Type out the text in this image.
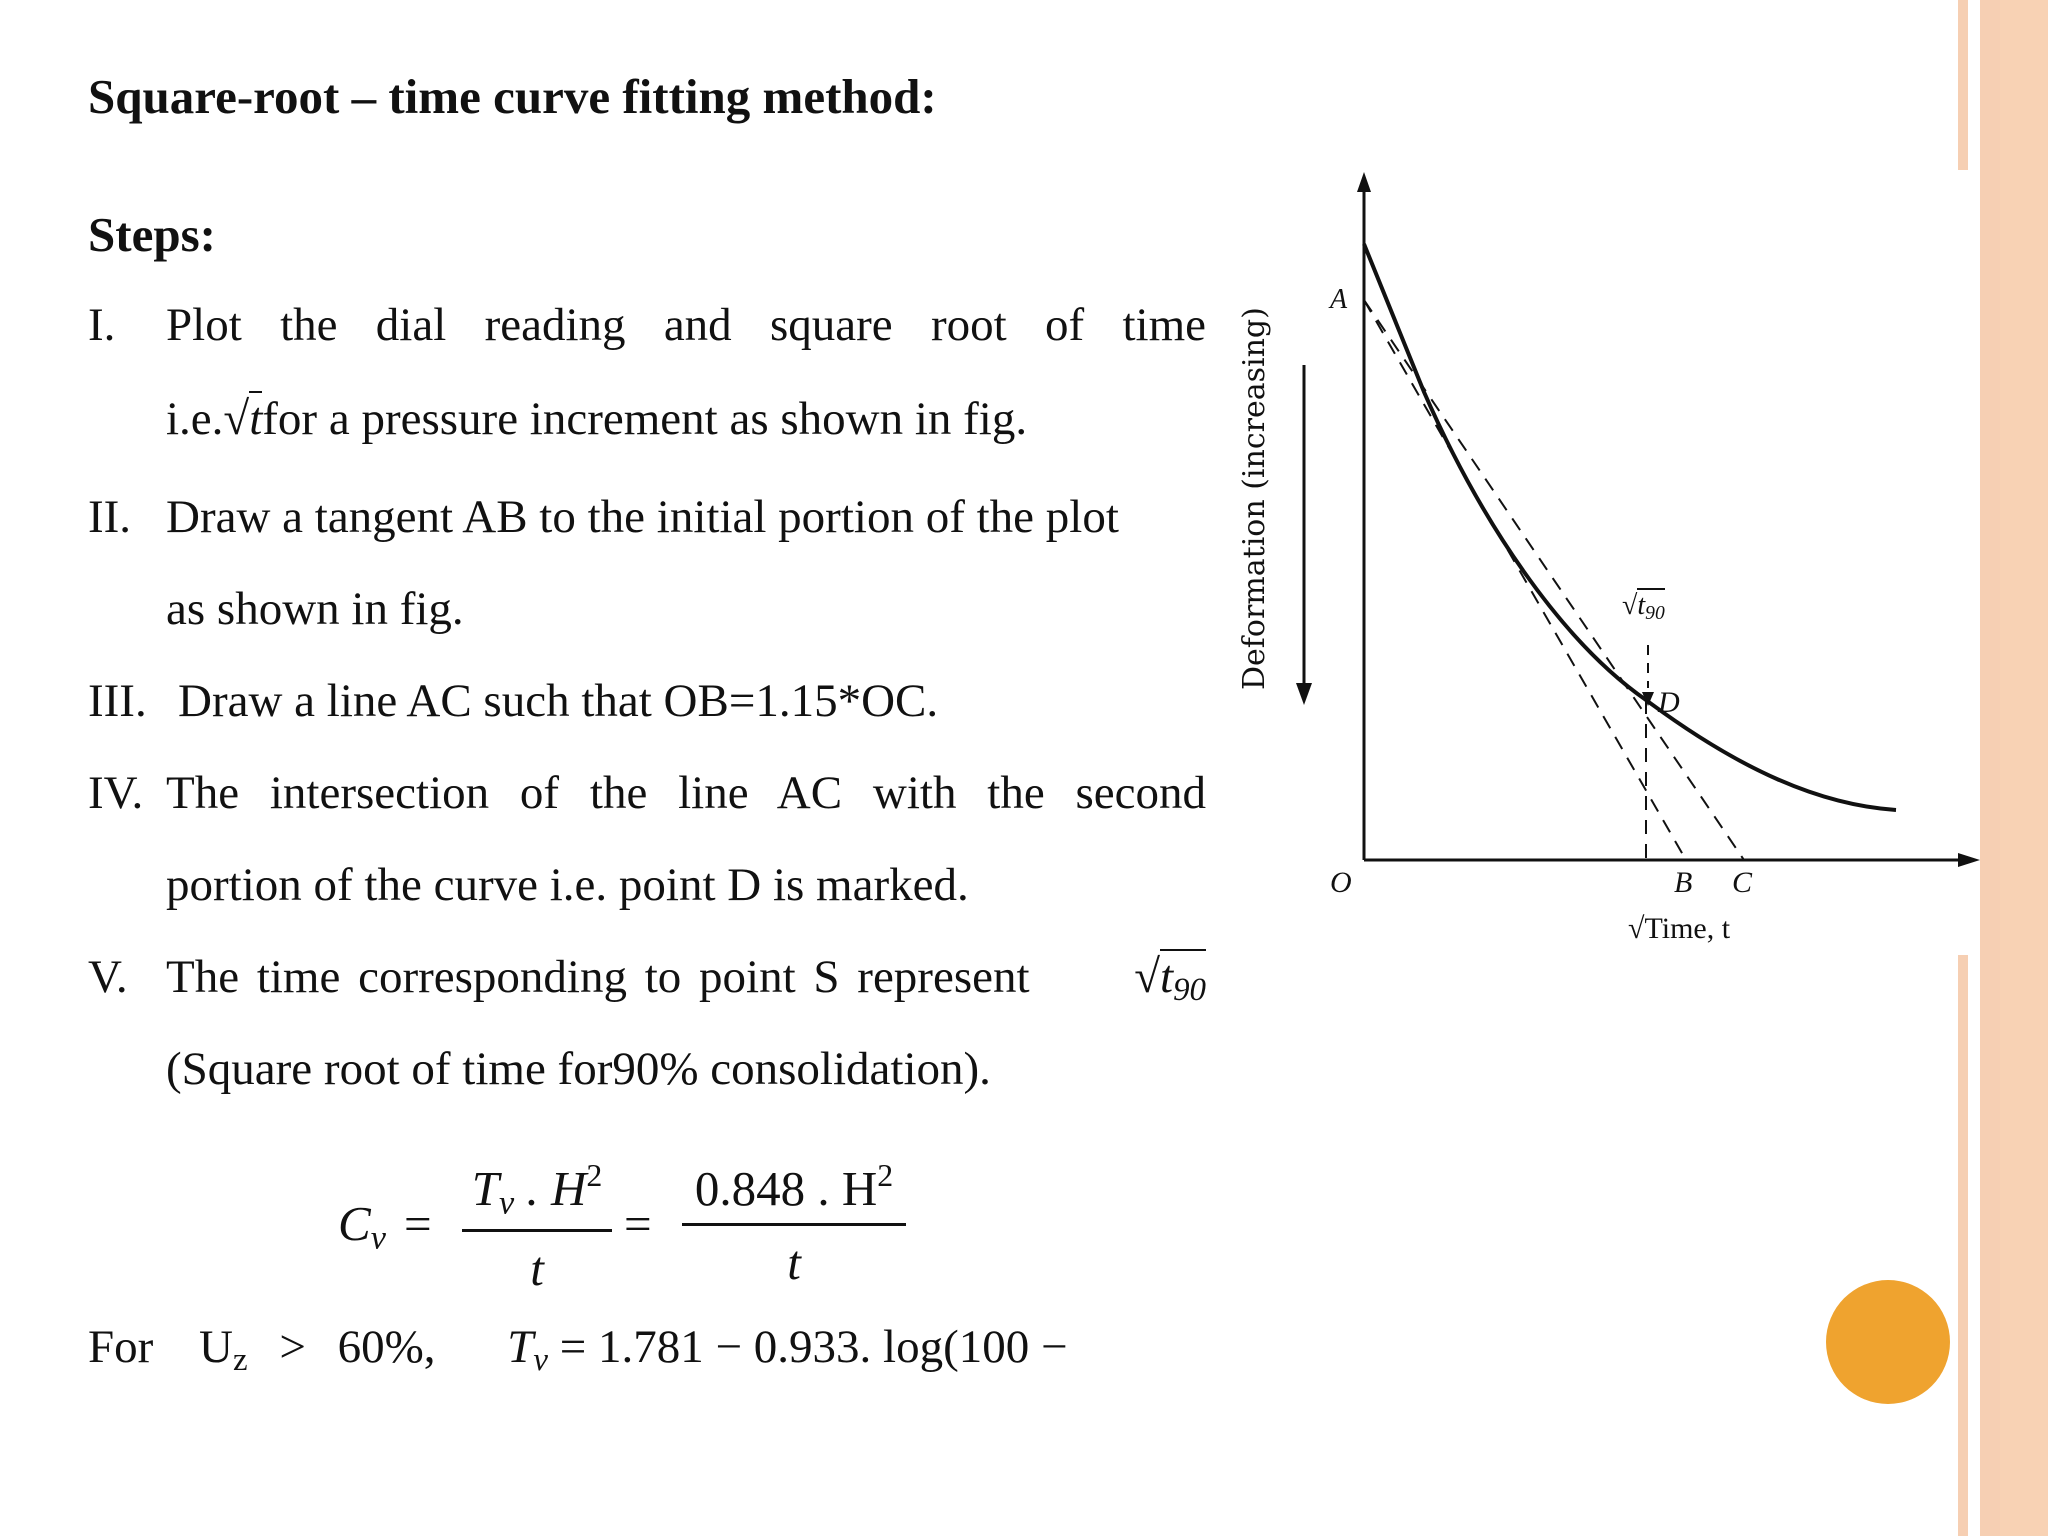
Square-root – time curve fitting method:
Steps:
I. Plot the dial reading and square root of time
i.e.√tfor a pressure increment as shown in fig.
II. Draw a tangent AB to the initial portion of the plot
as shown in fig.
III. Draw a line AC such that OB=1.15*OC.
IV. The intersection of the line AC with the second
portion of the curve i.e. point D is marked.
V. The time corresponding to point S represent $√t_{90}$
(Square root of time for90% consolidation).
$C_v$ =
$T_v$ . $H^2$
t
=
0.848 . $H^2$
t
For $U_z > 60\%$, $T_v = 1.781 - 0.933$. log(100 −
Deformation (increasing)
A
O	B C
D
$√t_{90}$
√Time, t
